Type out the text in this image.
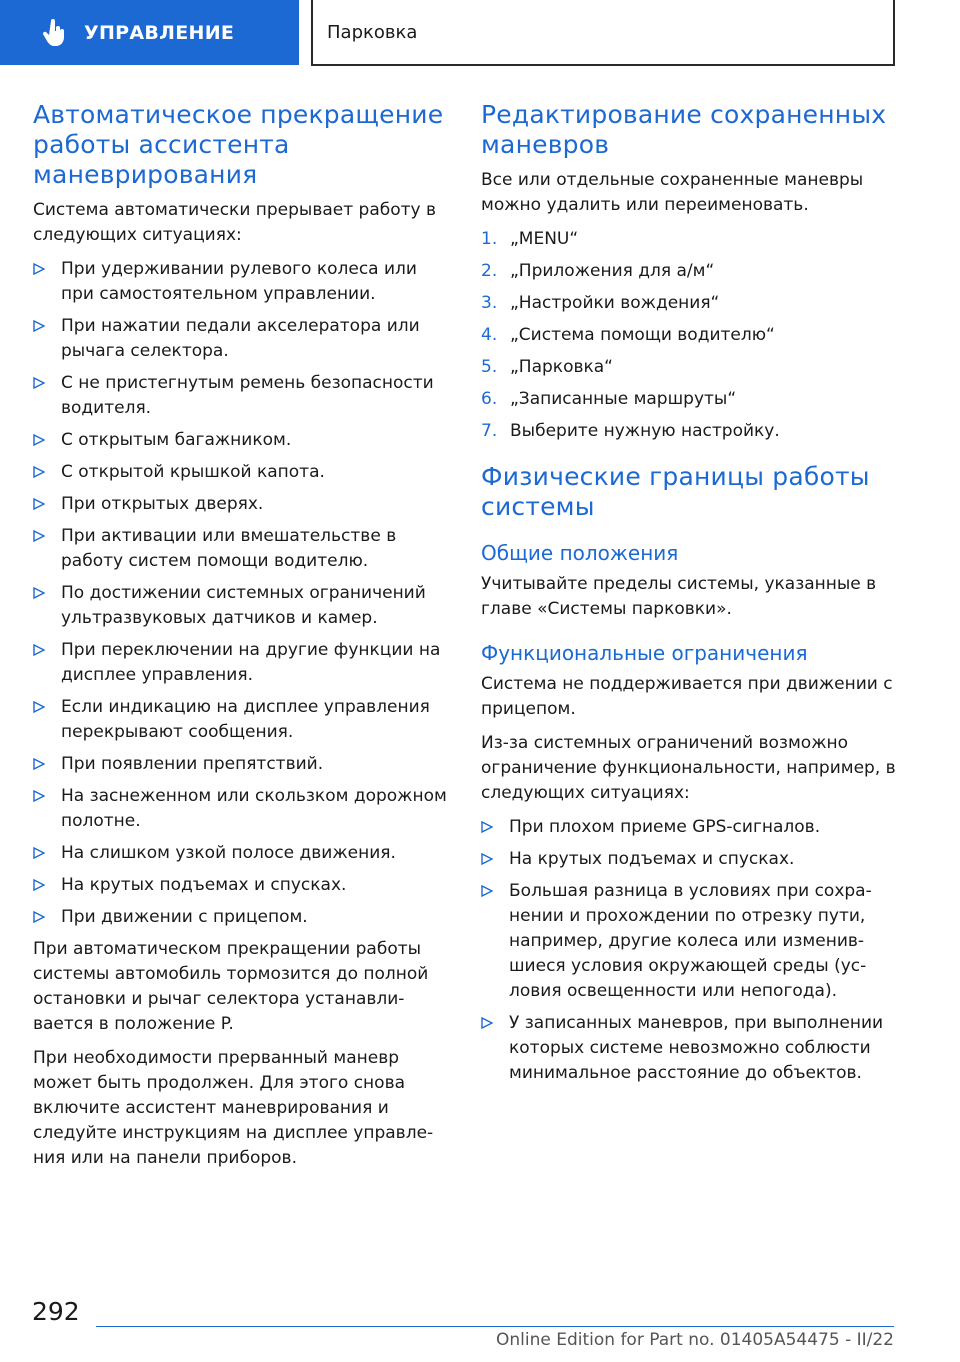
УПРАВЛЕНИЕ	Парковка
Автоматическое прекращение работы ассистента маневрирования

Система автоматически прерывает работу в следующих ситуациях:

При удерживании рулевого колеса или при самостоятельном управлении.
При нажатии педали акселератора или рычага селектора.
С не пристегнутым ремень безопасности водителя.
С открытым багажником.
С открытой крышкой капота.
При открытых дверях.
При активации или вмешательстве в работу систем помощи водителю.
По достижении системных ограничений ультразвуковых датчиков и камер.
При переключении на другие функции на дисплее управления.
Если индикацию на дисплее управления перекрывают сообщения.
При появлении препятствий.
На заснеженном или скользком дорожном полотне.
На слишком узкой полосе движения.
На крутых подъемах и спусках.
При движении с прицепом.

При автоматическом прекращении работы системы автомобиль тормозится до полной остановки и рычаг селектора устанавливается в положение P.

При необходимости прерванный маневр может быть продолжен. Для этого снова включите ассистент маневрирования и следуйте инструкциям на дисплее управления или на панели приборов.

Редактирование сохраненных маневров

Все или отдельные сохраненные маневры можно удалить или переименовать.

1. „MENU“
2. „Приложения для а/м“
3. „Настройки вождения“
4. „Система помощи водителю“
5. „Парковка“
6. „Записанные маршруты“
7. Выберите нужную настройку.
Физические границы работы системы
Общие положения

Учитывайте пределы системы, указанные в главе «Системы парковки».

Функциональные ограничения

Система не поддерживается при движении с прицепом.

Из-за системных ограничений возможно ограничение функциональности, например, в следующих ситуациях:

При плохом приеме GPS-сигналов.
На крутых подъемах и спусках.
Большая разница в условиях при сохранении и прохождении по отрезку пути, например, другие колеса или изменившиеся условия окружающей среды (условия освещенности или непогода).
У записанных маневров, при выполнении которых системе невозможно соблюсти минимальное расстояние до объектов.
292
Online Edition for Part no. 01405A54475 - II/22
